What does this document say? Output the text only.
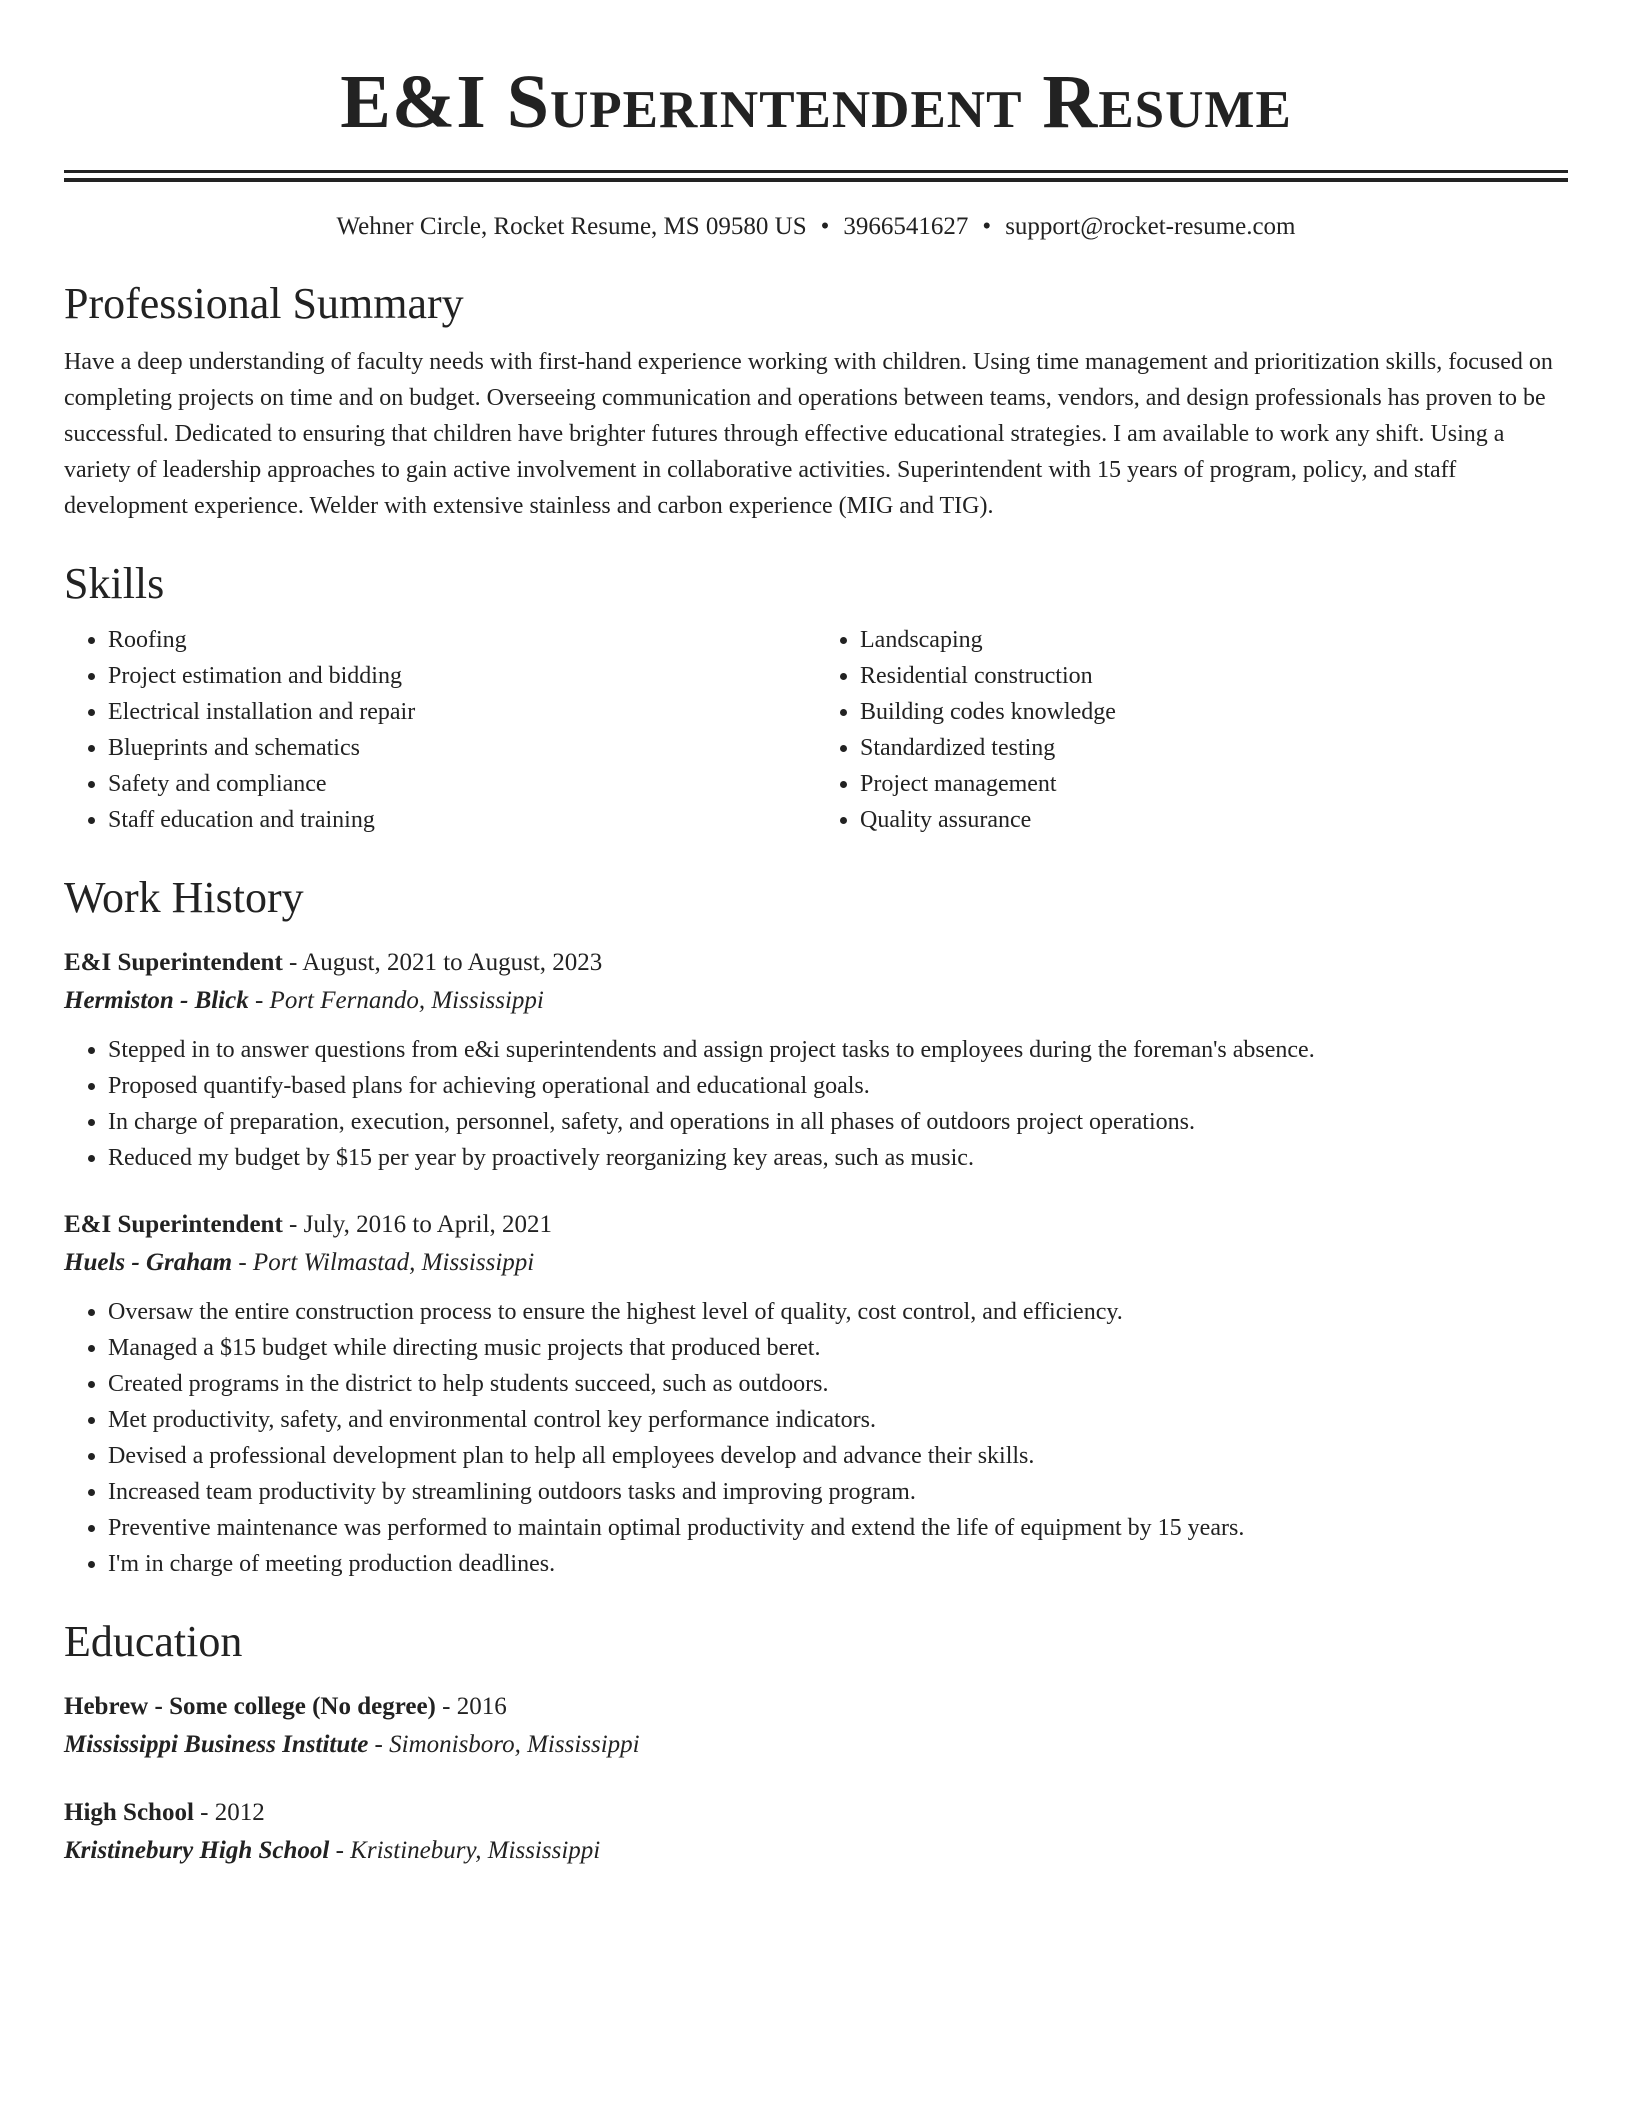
E&I Superintendent Resume
Wehner Circle, Rocket Resume, MS 09580 US • 3966541627 • support@rocket-resume.com
Professional Summary

Have a deep understanding of faculty needs with first-hand experience working with children. Using time management and prioritization skills, focused on completing projects on time and on budget. Overseeing communication and operations between teams, vendors, and design professionals has proven to be successful. Dedicated to ensuring that children have brighter futures through effective educational strategies. I am available to work any shift. Using a variety of leadership approaches to gain active involvement in collaborative activities. Superintendent with 15 years of program, policy, and staff development experience. Welder with extensive stainless and carbon experience (MIG and TIG).

Skills
• Roofing
• Project estimation and bidding
• Electrical installation and repair
• Blueprints and schematics
• Safety and compliance
• Staff education and training
• Landscaping
• Residential construction
• Building codes knowledge
• Standardized testing
• Project management
• Quality assurance
Work History
E&I Superintendent - August, 2021 to August, 2023
Hermiston - Blick - Port Fernando, Mississippi
• Stepped in to answer questions from e&i superintendents and assign project tasks to employees during the foreman's absence.
• Proposed quantify-based plans for achieving operational and educational goals.
• In charge of preparation, execution, personnel, safety, and operations in all phases of outdoors project operations.
• Reduced my budget by $15 per year by proactively reorganizing key areas, such as music.
E&I Superintendent - July, 2016 to April, 2021
Huels - Graham - Port Wilmastad, Mississippi
• Oversaw the entire construction process to ensure the highest level of quality, cost control, and efficiency.
• Managed a $15 budget while directing music projects that produced beret.
• Created programs in the district to help students succeed, such as outdoors.
• Met productivity, safety, and environmental control key performance indicators.
• Devised a professional development plan to help all employees develop and advance their skills.
• Increased team productivity by streamlining outdoors tasks and improving program.
• Preventive maintenance was performed to maintain optimal productivity and extend the life of equipment by 15 years.
• I'm in charge of meeting production deadlines.
Education
Hebrew - Some college (No degree) - 2016
Mississippi Business Institute - Simonisboro, Mississippi
High School - 2012
Kristinebury High School - Kristinebury, Mississippi
